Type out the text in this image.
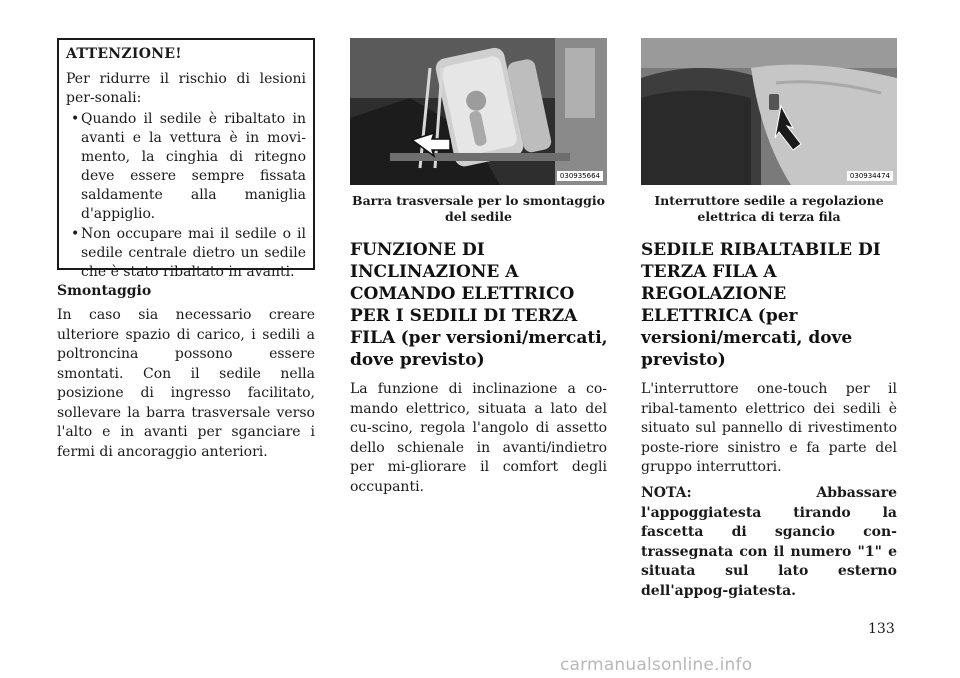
ATTENZIONE!

Per ridurre il rischio di lesioni per-sonali:

• Quando il sedile è ribaltato in avanti e la vettura è in movi-mento, la cinghia di ritegno deve essere sempre fissata saldamente alla maniglia d'appiglio.
• Non occupare mai il sedile o il sedile centrale dietro un sedile che è stato ribaltato in avanti.
Smontaggio

In caso sia necessario creare ulteriore spazio di carico, i sedili a poltroncina possono essere smontati. Con il sedile nella posizione di ingresso facilitato, sollevare la barra trasversale verso l'alto e in avanti per sganciare i fermi di ancoraggio anteriori.

030935664
Barra trasversale per lo smontaggio del sedile
FUNZIONE DI INCLINAZIONE A COMANDO ELETTRICO PER I SEDILI DI TERZA FILA (per versioni/mercati, dove previsto)

La funzione di inclinazione a co-mando elettrico, situata a lato del cu-scino, regola l'angolo di assetto dello schienale in avanti/indietro per mi-gliorare il comfort degli occupanti.

030934474
Interruttore sedile a regolazione elettrica di terza fila
SEDILE RIBALTABILE DI TERZA FILA A REGOLAZIONE ELETTRICA (per versioni/mercati, dove previsto)

L'interruttore one-touch per il ribal-tamento elettrico dei sedili è situato sul pannello di rivestimento poste-riore sinistro e fa parte del gruppo interruttori.

NOTA: Abbassare l'appoggiatesta tirando la fascetta di sgancio con-trassegnata con il numero "1" e situata sul lato esterno dell'appog-giatesta.

133
carmanualsonline.info
